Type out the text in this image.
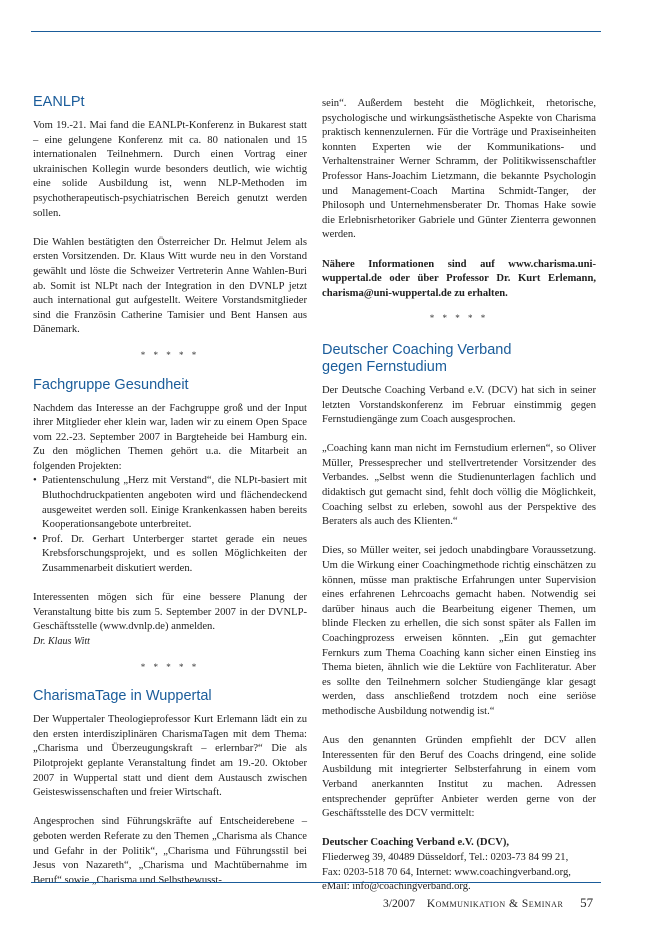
EANLPt

Vom 19.-21. Mai fand die EANLPt-Konferenz in Bukarest statt – eine gelungene Konferenz mit ca. 80 nationalen und 15 internationalen Teilnehmern. Durch einen Vortrag einer ukrainischen Kollegin wurde besonders deutlich, wie wichtig eine solide Ausbildung ist, wenn NLP-Methoden im psychotherapeutisch-psychiatrischen Bereich genutzt werden sollen.

Die Wahlen bestätigten den Österreicher Dr. Helmut Jelem als ersten Vorsitzenden. Dr. Klaus Witt wurde neu in den Vorstand gewählt und löste die Schweizer Vertreterin Anne Wahlen-Buri ab. Somit ist NLPt nach der Integration in den DVNLP jetzt auch international gut aufgestellt. Weitere Vorstandsmitglieder sind die Französin Catherine Tamisier und Bent Hansen aus Dänemark.

* * * * *
Fachgruppe Gesundheit

Nachdem das Interesse an der Fachgruppe groß und der Input ihrer Mitglieder eher klein war, laden wir zu einem Open Space vom 22.-23. September 2007 in Bargteheide bei Hamburg ein. Zu den möglichen Themen gehört u.a. die Mitarbeit an folgenden Projekten:

• Patientenschulung „Herz mit Verstand“, die NLPt-basiert mit Bluthochdruckpatienten angeboten wird und flächendeckend ausgeweitet werden soll. Einige Krankenkassen haben bereits Kooperationsangebote unterbreitet.
• Prof. Dr. Gerhart Unterberger startet gerade ein neues Krebsforschungsprojekt, und es sollen Möglichkeiten der Zusammenarbeit diskutiert werden.

Interessenten mögen sich für eine bessere Planung der Veranstaltung bitte bis zum 5. September 2007 in der DVNLP-Geschäftsstelle (www.dvnlp.de) anmelden.

Dr. Klaus Witt

* * * * *
CharismaTage in Wuppertal

Der Wuppertaler Theologieprofessor Kurt Erlemann lädt ein zu den ersten interdisziplinären CharismaTagen mit dem Thema: „Charisma und Überzeugungskraft – erlernbar?“ Die als Pilotprojekt geplante Veranstaltung findet am 19.-20. Oktober 2007 in Wuppertal statt und dient dem Austausch zwischen Geisteswissenschaften und freier Wirtschaft.

Angesprochen sind Führungskräfte auf Entscheiderebene – geboten werden Referate zu den Themen „Charisma als Chance und Gefahr in der Politik“, „Charisma und Führungsstil bei Jesus von Nazareth“, „Charisma und Machtübernahme im Beruf“ sowie „Charisma und Selbstbewusst-

sein“. Außerdem besteht die Möglichkeit, rhetorische, psychologische und wirkungsästhetische Aspekte von Charisma praktisch kennenzulernen. Für die Vorträge und Praxiseinheiten konnten Experten wie der Kommunikations- und Verhaltenstrainer Werner Schramm, der Politikwissenschaftler Professor Hans-Joachim Lietzmann, die bekannte Psychologin und Management-Coach Martina Schmidt-Tanger, der Philosoph und Unternehmensberater Dr. Thomas Hake sowie die Erlebnisrhetoriker Gabriele und Günter Zienterra gewonnen werden.

Nähere Informationen sind auf www.charisma.uni-wuppertal.de oder über Professor Dr. Kurt Erlemann, charisma@uni-wuppertal.de zu erhalten.

* * * * *
Deutscher Coaching Verband
gegen Fernstudium

Der Deutsche Coaching Verband e.V. (DCV) hat sich in seiner letzten Vorstandskonferenz im Februar einstimmig gegen Fernstudiengänge zum Coach ausgesprochen.

„Coaching kann man nicht im Fernstudium erlernen“, so Oliver Müller, Pressesprecher und stellvertretender Vorsitzender des Verbandes. „Selbst wenn die Studienunterlagen fachlich und didaktisch gut gemacht sind, fehlt doch völlig die Möglichkeit, Coaching selbst zu erleben, sowohl aus der Perspektive des Beraters als auch des Klienten.“

Dies, so Müller weiter, sei jedoch unabdingbare Voraussetzung. Um die Wirkung einer Coachingmethode richtig einschätzen zu können, müsse man praktische Erfahrungen unter Supervision eines erfahrenen Lehrcoachs gemacht haben. Notwendig sei darüber hinaus auch die Bearbeitung eigener Themen, um blinde Flecken zu erhellen, die sich sonst später als Fallen im Coachingprozess erweisen könnten. „Ein gut gemachter Fernkurs zum Thema Coaching kann sicher einen Einstieg ins Thema bieten, ähnlich wie die Lektüre von Fachliteratur. Aber es sollte den Teilnehmern solcher Studiengänge klar gesagt werden, dass anschließend trotzdem noch eine seriöse methodische Ausbildung notwendig ist.“

Aus den genannten Gründen empfiehlt der DCV allen Interessenten für den Beruf des Coachs dringend, eine solide Ausbildung mit integrierter Selbsterfahrung in einem vom Verband anerkannten Institut zu machen. Adressen entsprechender geprüfter Anbieter werden gerne von der Geschäftsstelle des DCV vermittelt:

Deutscher Coaching Verband e.V. (DCV),

Fliederweg 39, 40489 Düsseldorf, Tel.: 0203-73 84 99 21,

Fax: 0203-518 70 64, Internet: www.coachingverband.org,

eMail: info@coachingverband.org.

3/2007 Kommunikation & Seminar 57
